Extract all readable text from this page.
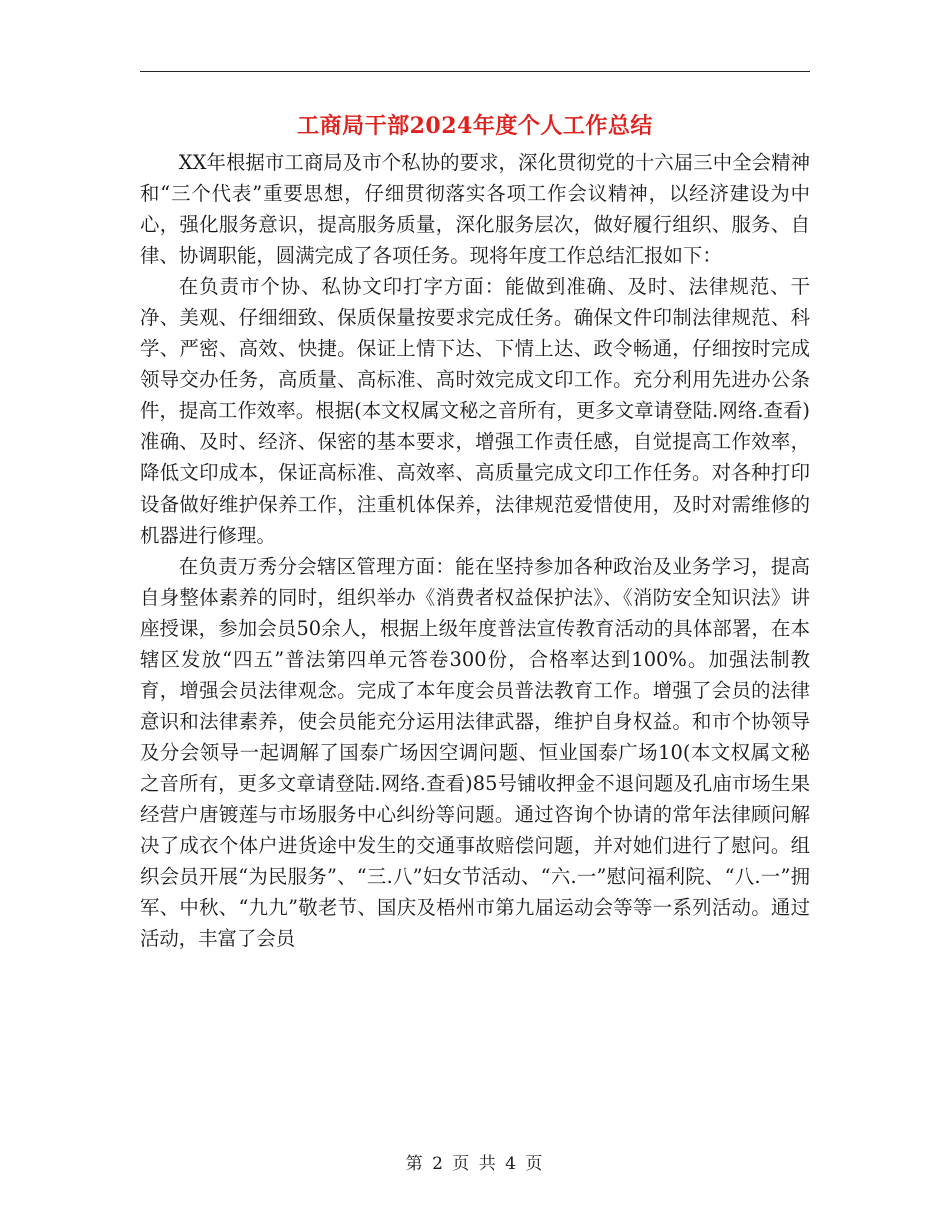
工商局干部2024年度个人工作总结

XX年根据市工商局及市个私协的要求，深化贯彻党的十六届三中全会精神和“三个代表”重要思想，仔细贯彻落实各项工作会议精神，以经济建设为中心，强化服务意识，提高服务质量，深化服务层次，做好履行组织、服务、自律、协调职能，圆满完成了各项任务。现将年度工作总结汇报如下：

在负责市个协、私协文印打字方面：能做到准确、及时、法律规范、干净、美观、仔细细致、保质保量按要求完成任务。确保文件印制法律规范、科学、严密、高效、快捷。保证上情下达、下情上达、政令畅通，仔细按时完成领导交办任务，高质量、高标准、高时效完成文印工作。充分利用先进办公条件，提高工作效率。根据(本文权属文秘之音所有，更多文章请登陆.网络.查看)准确、及时、经济、保密的基本要求，增强工作责任感，自觉提高工作效率，降低文印成本，保证高标准、高效率、高质量完成文印工作任务。对各种打印设备做好维护保养工作，注重机体保养，法律规范爱惜使用，及时对需维修的机器进行修理。

在负责万秀分会辖区管理方面：能在坚持参加各种政治及业务学习，提高自身整体素养的同时，组织举办《消费者权益保护法》、《消防安全知识法》讲座授课，参加会员50余人，根据上级年度普法宣传教育活动的具体部署，在本辖区发放“四五”普法第四单元答卷300份，合格率达到100%。加强法制教育，增强会员法律观念。完成了本年度会员普法教育工作。增强了会员的法律意识和法律素养，使会员能充分运用法律武器，维护自身权益。和市个协领导及分会领导一起调解了国泰广场因空调问题、恒业国泰广场10(本文权属文秘之音所有，更多文章请登陆.网络.查看)85号铺收押金不退问题及孔庙市场生果经营户唐镀莲与市场服务中心纠纷等问题。通过咨询个协请的常年法律顾问解决了成衣个体户进货途中发生的交通事故赔偿问题，并对她们进行了慰问。组织会员开展“为民服务”、“三.八”妇女节活动、“六.一”慰问福利院、“八.一”拥军、中秋、“九九”敬老节、国庆及梧州市第九届运动会等等一系列活动。通过活动，丰富了会员

第 2 页 共 4 页
